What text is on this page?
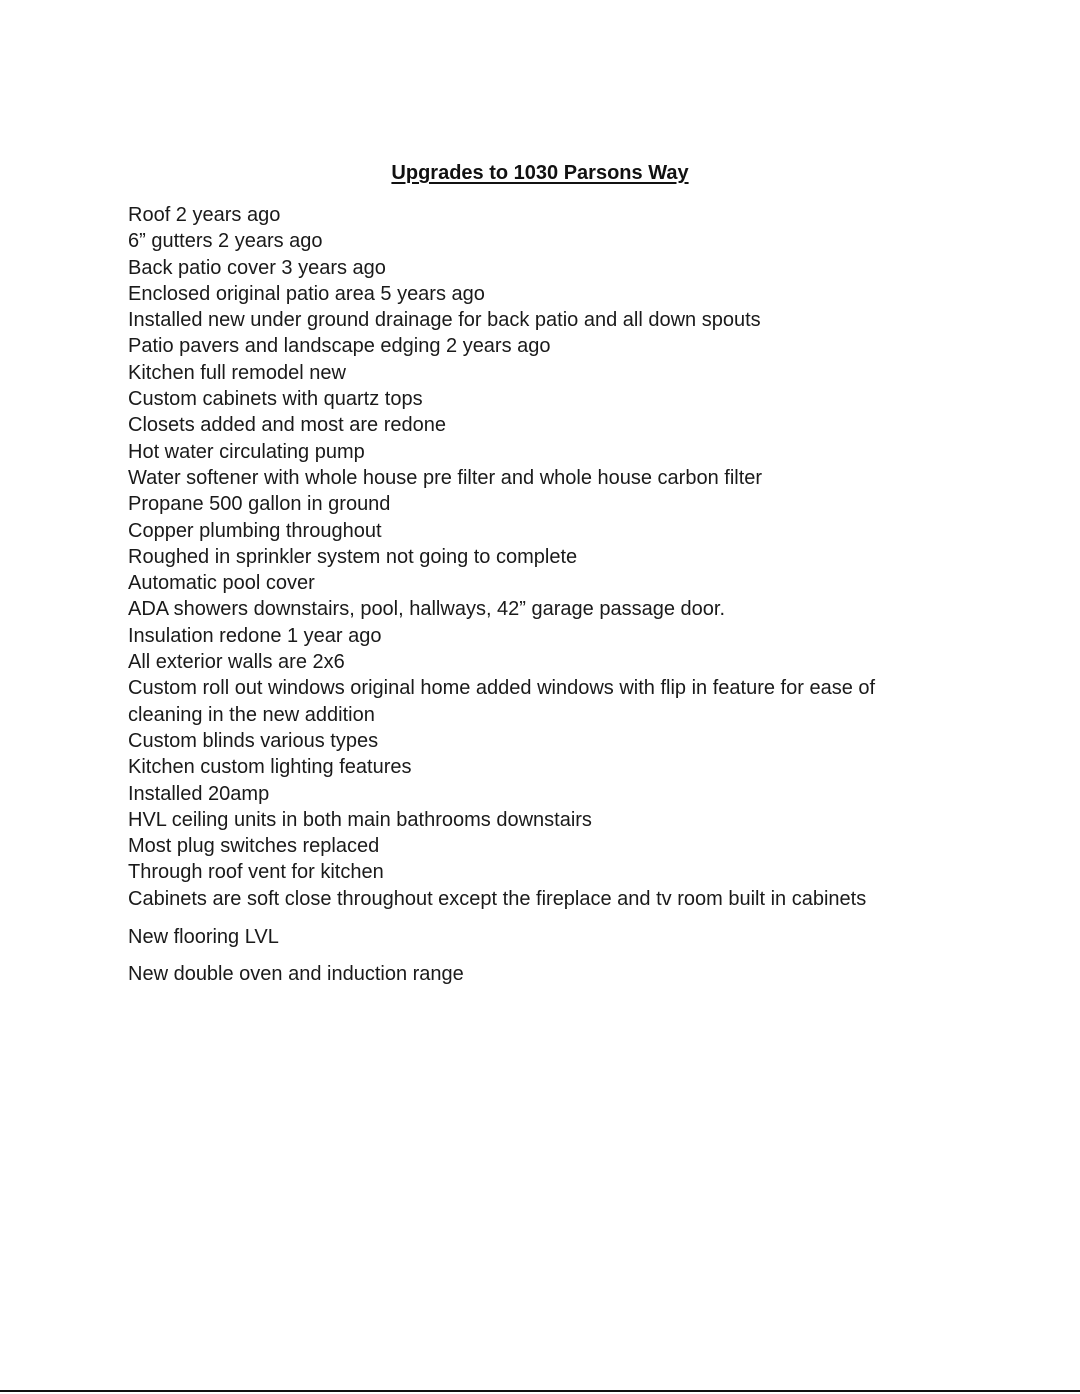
Upgrades to 1030 Parsons Way
Roof 2 years ago
6” gutters 2 years ago
Back patio cover 3 years ago
Enclosed original patio area 5 years ago
Installed new under ground drainage for back patio and all down spouts
Patio pavers and landscape edging 2 years ago
Kitchen full remodel new
Custom cabinets with quartz tops
Closets added and most are redone
Hot water circulating pump
Water softener with whole house pre filter and whole house carbon filter
Propane 500 gallon in ground
Copper plumbing throughout
Roughed in sprinkler system not going to complete
Automatic pool cover
ADA showers downstairs, pool, hallways, 42” garage passage door.
Insulation redone 1 year ago
All exterior walls are 2x6
Custom roll out windows original home added windows with flip in feature for ease of cleaning in the new addition
Custom blinds various types
Kitchen custom lighting features
Installed 20amp
HVL ceiling units in both main bathrooms downstairs
Most plug switches replaced
Through roof vent for kitchen
Cabinets are soft close throughout except the fireplace and tv room built in cabinets

New flooring LVL

New double oven and induction range
